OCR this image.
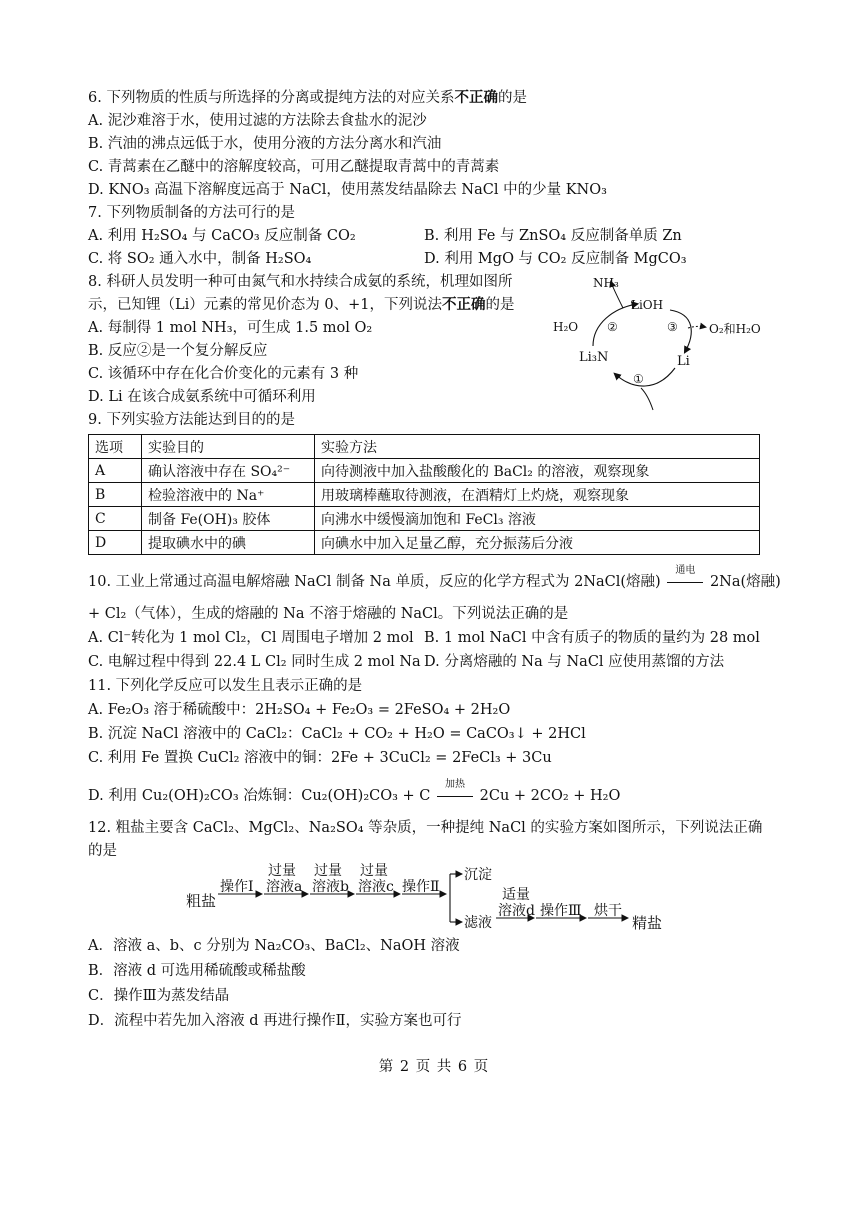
6. 下列物质的性质与所选择的分离或提纯方法的对应关系不正确的是
A. 泥沙难溶于水，使用过滤的方法除去食盐水的泥沙
B. 汽油的沸点远低于水，使用分液的方法分离水和汽油
C. 青蒿素在乙醚中的溶解度较高，可用乙醚提取青蒿中的青蒿素
D. KNO₃ 高温下溶解度远高于 NaCl，使用蒸发结晶除去 NaCl 中的少量 KNO₃
7. 下列物质制备的方法可行的是
A. 利用 H₂SO₄ 与 CaCO₃ 反应制备 CO₂	B. 利用 Fe 与 ZnSO₄ 反应制备单质 Zn
C. 将 SO₂ 通入水中，制备 H₂SO₄	D. 利用 MgO 与 CO₂ 反应制备 MgCO₃
8. 科研人员发明一种可由氮气和水持续合成氨的系统，机理如图所
示，已知锂（Li）元素的常见价态为 0、+1，下列说法不正确的是
A. 每制得 1 mol NH₃，可生成 1.5 mol O₂
B. 反应②是一个复分解反应
C. 该循环中存在化合价变化的元素有 3 种
D. Li 在该合成氨系统中可循环利用
NH₃
LiOH
H₂O ②	③	O₂和H₂O
Li₃N	Li
①
9. 下列实验方法能达到目的的是
选项	实验目的	实验方法
A	确认溶液中存在 SO₄²⁻	向待测液中加入盐酸酸化的 BaCl₂ 的溶液，观察现象
B	检验溶液中的 Na⁺	用玻璃棒蘸取待测液，在酒精灯上灼烧，观察现象
C	制备 Fe(OH)₃ 胶体	向沸水中缓慢滴加饱和 FeCl₃ 溶液
D	提取碘水中的碘	向碘水中加入足量乙醇，充分振荡后分液
10. 工业上常通过高温电解熔融 NaCl 制备 Na 单质，反应的化学方程式为 2NaCl(熔融)
通电
2Na(熔融)
+ Cl₂（气体），生成的熔融的 Na 不溶于熔融的 NaCl。下列说法正确的是
A. Cl⁻转化为 1 mol Cl₂，Cl 周围电子增加 2 mol B. 1 mol NaCl 中含有质子的物质的量约为 28 mol
C. 电解过程中得到 22.4 L Cl₂ 同时生成 2 mol Na D. 分离熔融的 Na 与 NaCl 应使用蒸馏的方法
11. 下列化学反应可以发生且表示正确的是
A. Fe₂O₃ 溶于稀硫酸中：2H₂SO₄ + Fe₂O₃ = 2FeSO₄ + 2H₂O
B. 沉淀 NaCl 溶液中的 CaCl₂：CaCl₂ + CO₂ + H₂O = CaCO₃↓ + 2HCl
C. 利用 Fe 置换 CuCl₂ 溶液中的铜：2Fe + 3CuCl₂ = 2FeCl₃ + 3Cu
D. 利用 Cu₂(OH)₂CO₃ 冶炼铜：Cu₂(OH)₂CO₃ + C
加热
2Cu + 2CO₂ + H₂O
12. 粗盐主要含 CaCl₂、MgCl₂、Na₂SO₄ 等杂质，一种提纯 NaCl 的实验方案如图所示，下列说法正确
的是
粗盐
操作Ⅰ
过量
溶液a
过量
溶液b
过量
溶液c 操作Ⅱ
沉淀
滤液
适量
溶液d 操作Ⅲ 烘干
精盐
A．溶液 a、b、c 分别为 Na₂CO₃、BaCl₂、NaOH 溶液
B．溶液 d 可选用稀硫酸或稀盐酸
C．操作Ⅲ为蒸发结晶
D．流程中若先加入溶液 d 再进行操作Ⅱ，实验方案也可行
第 2 页 共 6 页
